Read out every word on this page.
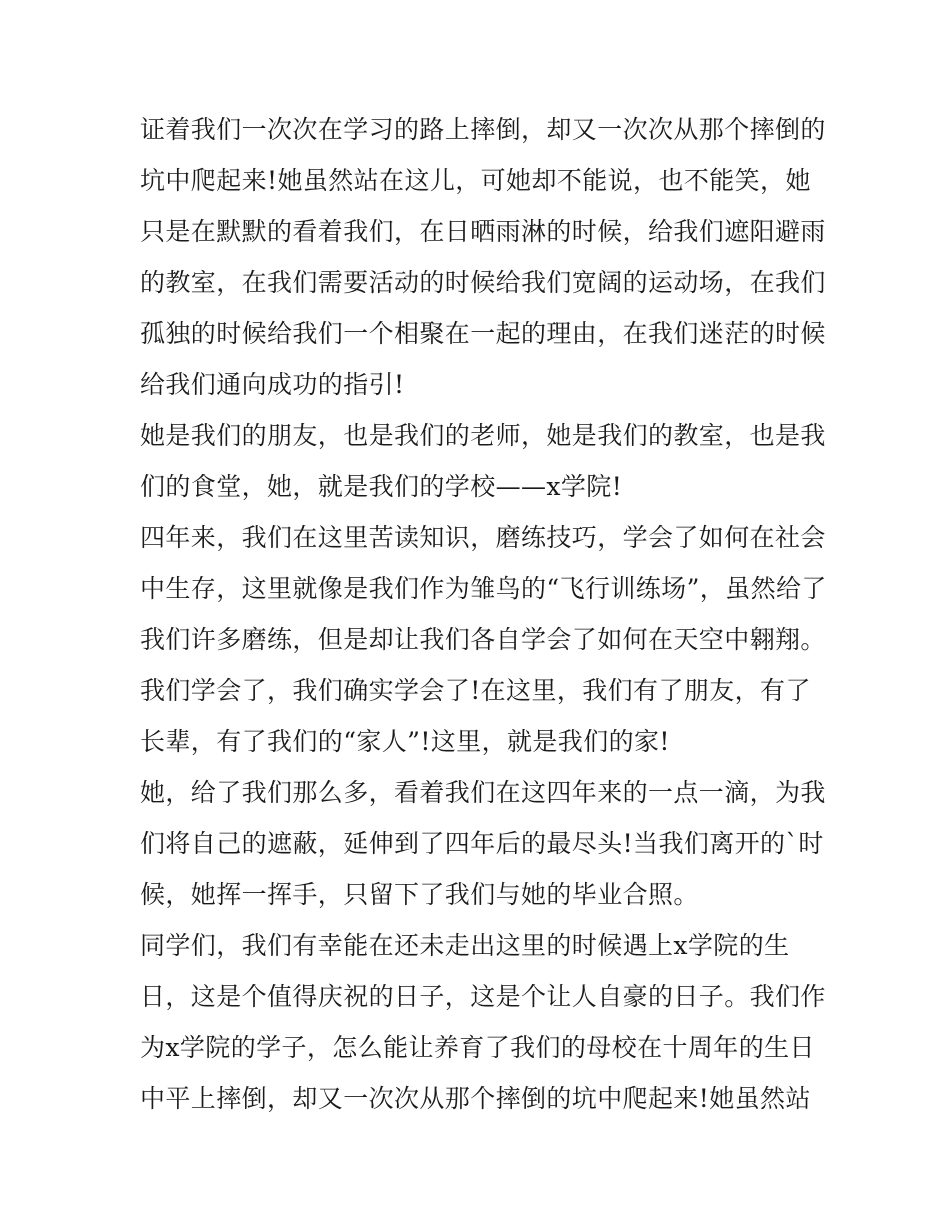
证着我们一次次在学习的路上摔倒，却又一次次从那个摔倒的
坑中爬起来!她虽然站在这儿，可她却不能说，也不能笑，她
只是在默默的看着我们，在日晒雨淋的时候，给我们遮阳避雨
的教室，在我们需要活动的时候给我们宽阔的运动场，在我们
孤独的时候给我们一个相聚在一起的理由，在我们迷茫的时候
给我们通向成功的指引!
她是我们的朋友，也是我们的老师，她是我们的教室，也是我
们的食堂，她，就是我们的学校——x学院!
四年来，我们在这里苦读知识，磨练技巧，学会了如何在社会
中生存，这里就像是我们作为雏鸟的“飞行训练场”，虽然给了
我们许多磨练，但是却让我们各自学会了如何在天空中翱翔。
我们学会了，我们确实学会了!在这里，我们有了朋友，有了
长辈，有了我们的“家人”!这里，就是我们的家!
她，给了我们那么多，看着我们在这四年来的一点一滴，为我
们将自己的遮蔽，延伸到了四年后的最尽头!当我们离开的`时
候，她挥一挥手，只留下了我们与她的毕业合照。
同学们，我们有幸能在还未走出这里的时候遇上x学院的生
日，这是个值得庆祝的日子，这是个让人自豪的日子。我们作
为x学院的学子，怎么能让养育了我们的母校在十周年的生日
中平上摔倒，却又一次次从那个摔倒的坑中爬起来!她虽然站
